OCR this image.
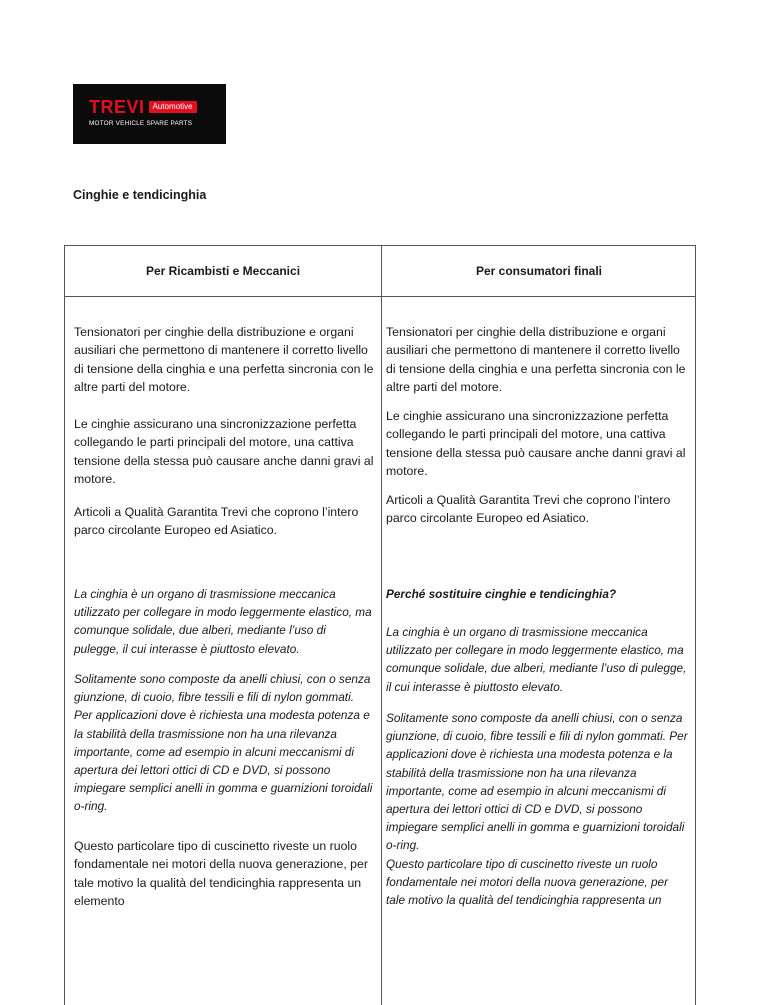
TREVI	Automotive
MOTOR VEHICLE SPARE PARTS
Cinghie e tendicinghia
Per Ricambisti e Meccanici	Per consumatori finali

Tensionatori per cinghie della distribuzione e organi ausiliari che permettono di mantenere il corretto livello di tensione della cinghia e una perfetta sincronia con le altre parti del motore.

Le cinghie assicurano una sincronizzazione perfetta collegando le parti principali del motore, una cattiva tensione della stessa può causare anche danni gravi al motore.

Articoli a Qualità Garantita Trevi che coprono l’intero parco circolante Europeo ed Asiatico.

La cinghia è un organo di trasmissione meccanica utilizzato per collegare in modo leggermente elastico, ma comunque solidale, due alberi, mediante l’uso di pulegge, il cui interasse è piuttosto elevato.

Solitamente sono composte da anelli chiusi, con o senza giunzione, di cuoio, fibre tessili e fili di nylon gommati. Per applicazioni dove è richiesta una modesta potenza e la stabilità della trasmissione non ha una rilevanza importante, come ad esempio in alcuni meccanismi di apertura dei lettori ottici di CD e DVD, si possono impiegare semplici anelli in gomma e guarnizioni toroidali o-ring.

Questo particolare tipo di cuscinetto riveste un ruolo fondamentale nei motori della nuova generazione, per tale motivo la qualità del tendicinghia rappresenta un elemento

Tensionatori per cinghie della distribuzione e organi ausiliari che permettono di mantenere il corretto livello di tensione della cinghia e una perfetta sincronia con le altre parti del motore.

Le cinghie assicurano una sincronizzazione perfetta collegando le parti principali del motore, una cattiva tensione della stessa può causare anche danni gravi al motore.

Articoli a Qualità Garantita Trevi che coprono l’intero parco circolante Europeo ed Asiatico.

Perché sostituire cinghie e tendicinghia?

La cinghia è un organo di trasmissione meccanica utilizzato per collegare in modo leggermente elastico, ma comunque solidale, due alberi, mediante l’uso di pulegge, il cui interasse è piuttosto elevato.

Solitamente sono composte da anelli chiusi, con o senza giunzione, di cuoio, fibre tessili e fili di nylon gommati. Per applicazioni dove è richiesta una modesta potenza e la stabilità della trasmissione non ha una rilevanza importante, come ad esempio in alcuni meccanismi di apertura dei lettori ottici di CD e DVD, si possono impiegare semplici anelli in gomma e guarnizioni toroidali o-ring.

Questo particolare tipo di cuscinetto riveste un ruolo fondamentale nei motori della nuova generazione, per tale motivo la qualità del tendicinghia rappresenta un
